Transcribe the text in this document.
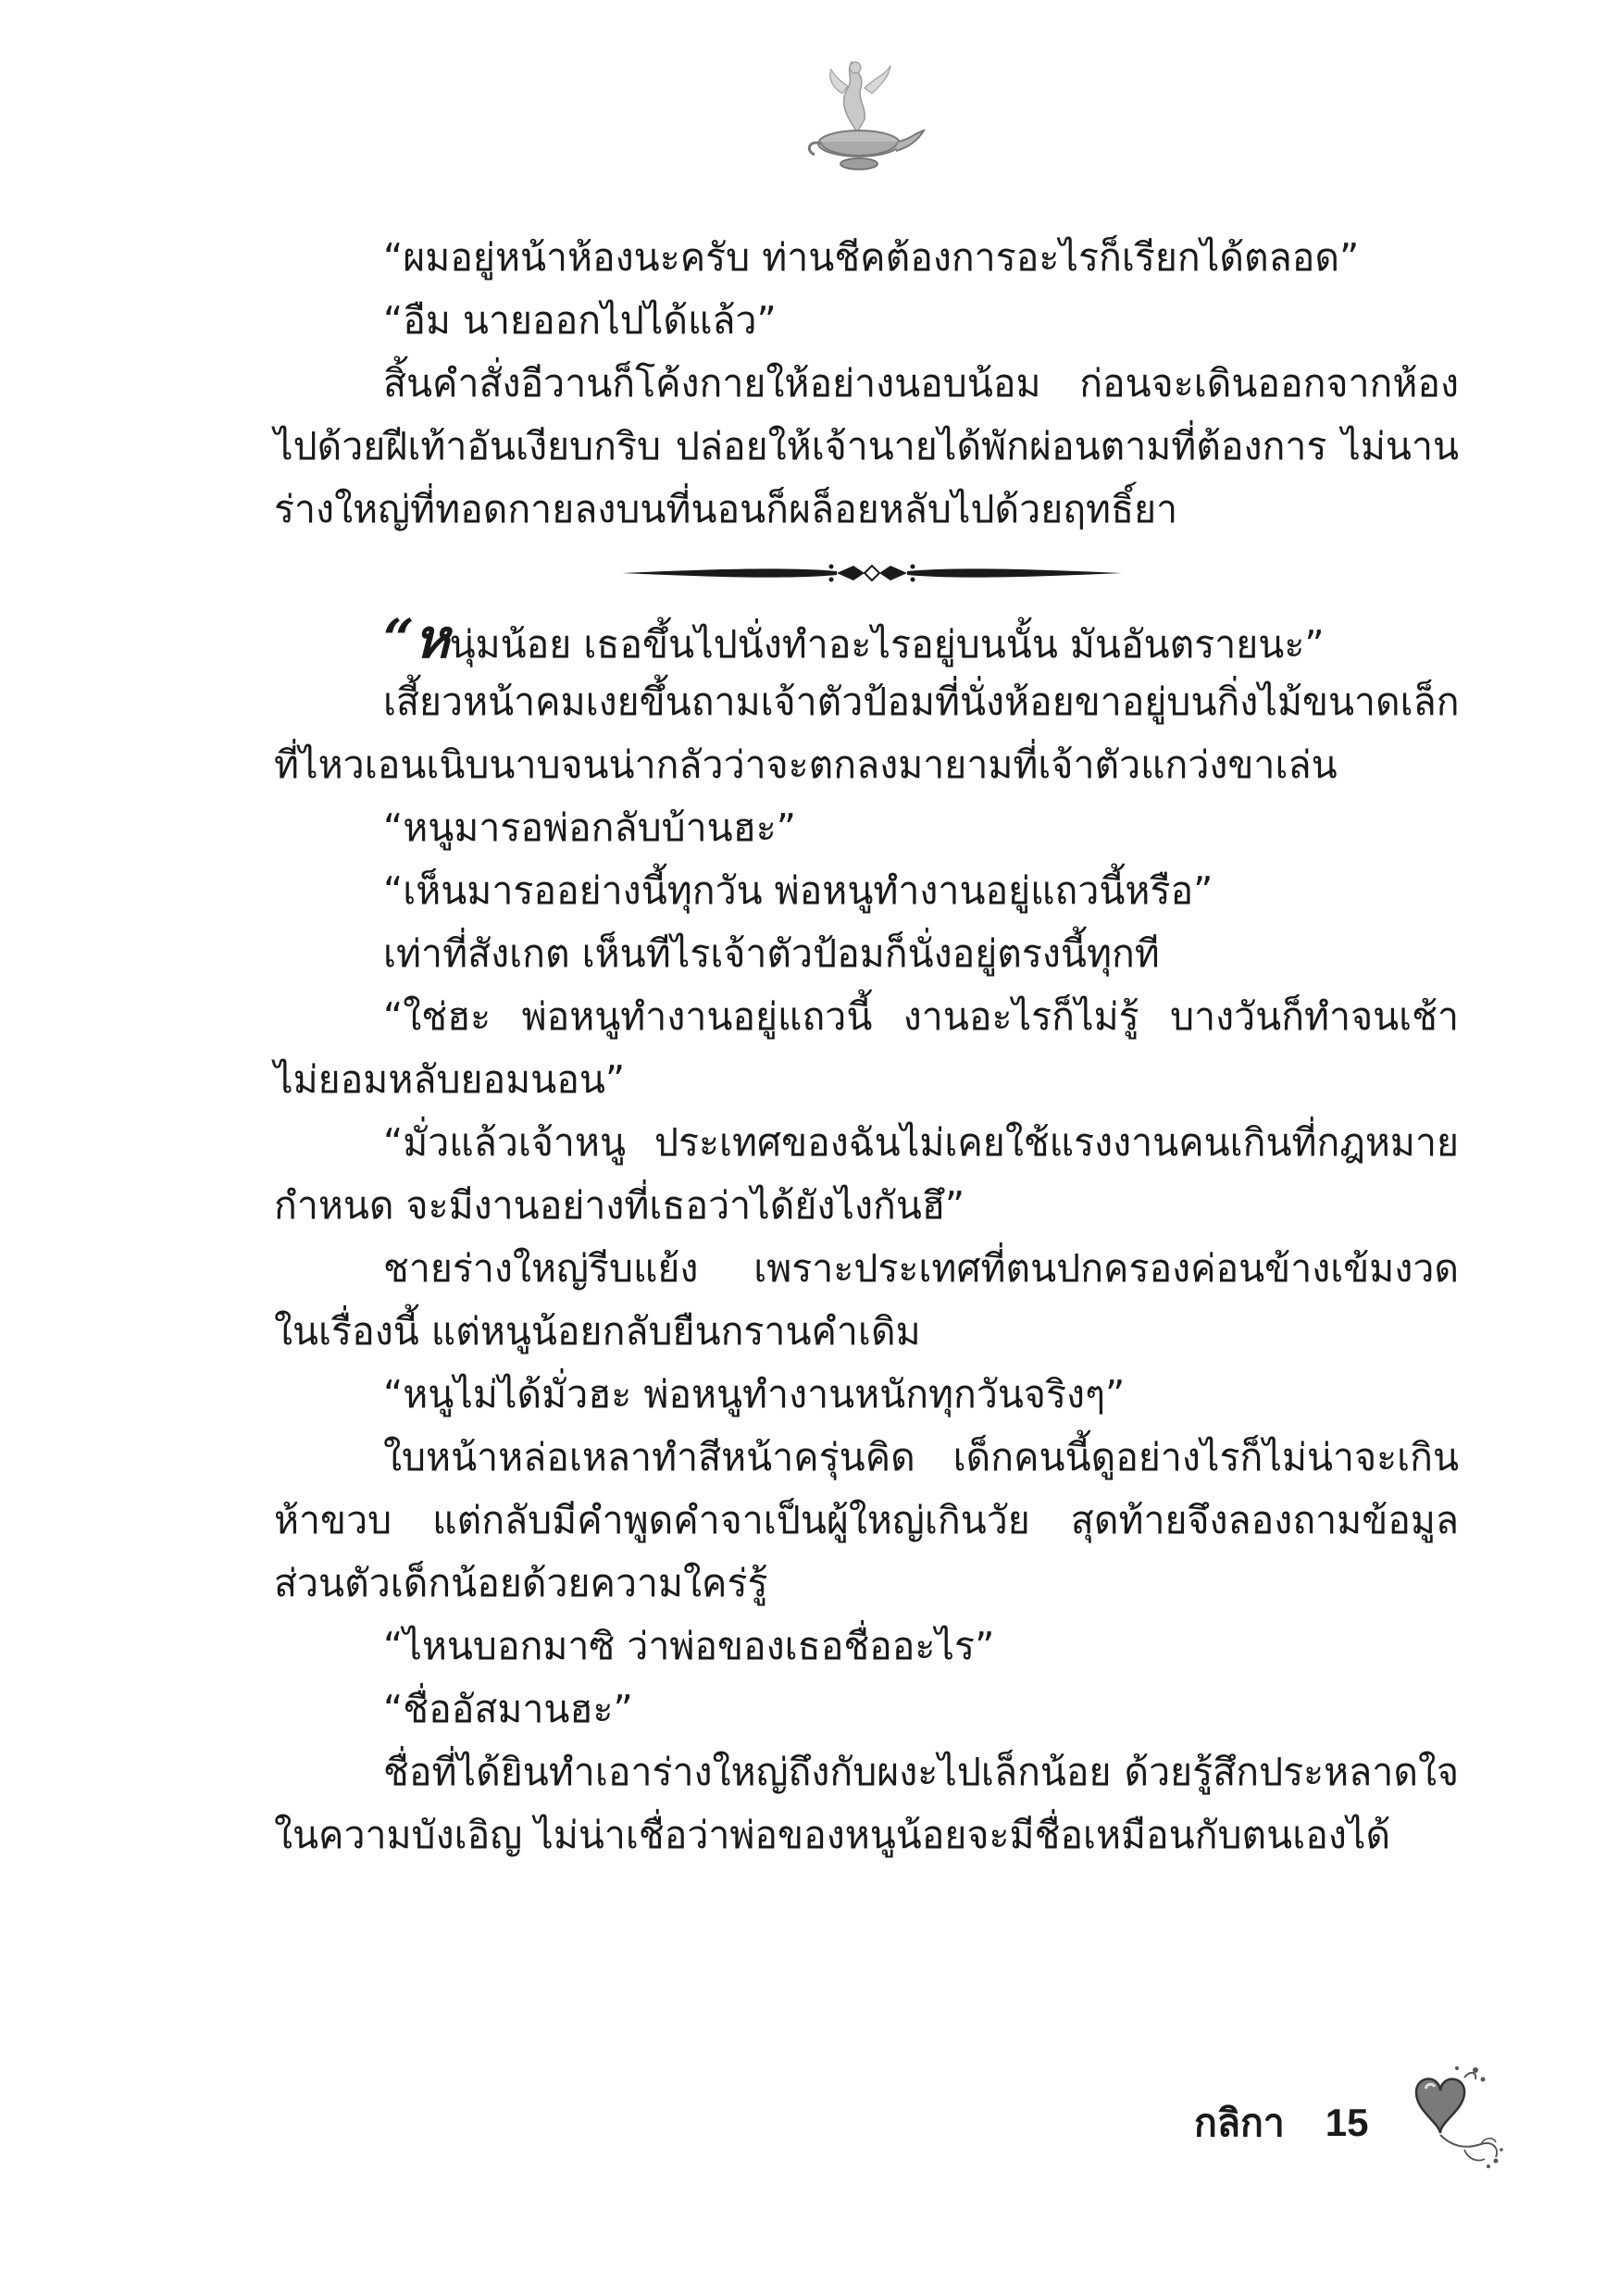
“ผมอยู่หน้าห้องนะครับ ท่านชีคต้องการอะไรก็เรียกได้ตลอด”
“อืม นายออกไปได้แล้ว”
สิ้นคำสั่งอีวานก็โค้งกายให้อย่างนอบน้อม ก่อนจะเดินออกจากห้อง
ไปด้วยฝีเท้าอันเงียบกริบ ปล่อยให้เจ้านายได้พักผ่อนตามที่ต้องการ ไม่นาน
ร่างใหญ่ที่ทอดกายลงบนที่นอนก็ผล็อยหลับไปด้วยฤทธิ์ยา
“หนุ่มน้อย เธอขึ้นไปนั่งทำอะไรอยู่บนนั้น มันอันตรายนะ”
เสี้ยวหน้าคมเงยขึ้นถามเจ้าตัวป้อมที่นั่งห้อยขาอยู่บนกิ่งไม้ขนาดเล็ก
ที่ไหวเอนเนิบนาบจนน่ากลัวว่าจะตกลงมายามที่เจ้าตัวแกว่งขาเล่น
“หนูมารอพ่อกลับบ้านฮะ”
“เห็นมารออย่างนี้ทุกวัน พ่อหนูทำงานอยู่แถวนี้หรือ”
เท่าที่สังเกต เห็นทีไรเจ้าตัวป้อมก็นั่งอยู่ตรงนี้ทุกที
“ใช่ฮะ พ่อหนูทำงานอยู่แถวนี้ งานอะไรก็ไม่รู้ บางวันก็ทำจนเช้า
ไม่ยอมหลับยอมนอน”
“มั่วแล้วเจ้าหนู ประเทศของฉันไม่เคยใช้แรงงานคนเกินที่กฎหมาย
กำหนด จะมีงานอย่างที่เธอว่าได้ยังไงกันฮึ”
ชายร่างใหญ่รีบแย้ง เพราะประเทศที่ตนปกครองค่อนข้างเข้มงวด
ในเรื่องนี้ แต่หนูน้อยกลับยืนกรานคำเดิม
“หนูไม่ได้มั่วฮะ พ่อหนูทำงานหนักทุกวันจริงๆ”
ใบหน้าหล่อเหลาทำสีหน้าครุ่นคิด เด็กคนนี้ดูอย่างไรก็ไม่น่าจะเกิน
ห้าขวบ แต่กลับมีคำพูดคำจาเป็นผู้ใหญ่เกินวัย สุดท้ายจึงลองถามข้อมูล
ส่วนตัวเด็กน้อยด้วยความใคร่รู้
“ไหนบอกมาซิ ว่าพ่อของเธอชื่ออะไร”
“ชื่ออัสมานฮะ”
ชื่อที่ได้ยินทำเอาร่างใหญ่ถึงกับผงะไปเล็กน้อย ด้วยรู้สึกประหลาดใจ
ในความบังเอิญ ไม่น่าเชื่อว่าพ่อของหนูน้อยจะมีชื่อเหมือนกับตนเองได้
กลิกา 15
